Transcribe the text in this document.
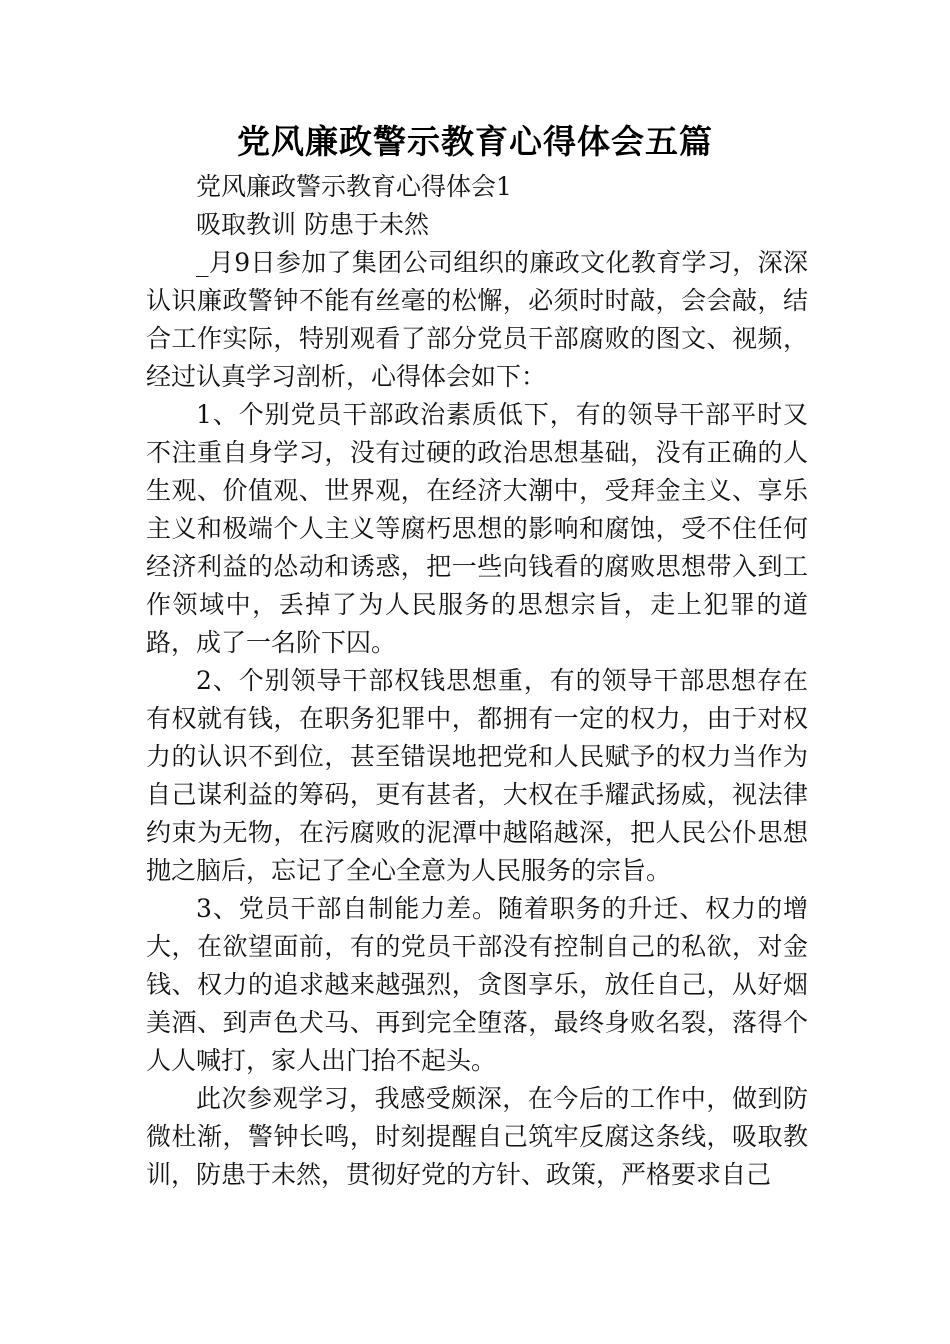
党风廉政警示教育心得体会五篇

党风廉政警示教育心得体会1

吸取教训 防患于未然

_月9日参加了集团公司组织的廉政文化教育学习，深深认识廉政警钟不能有丝毫的松懈，必须时时敲，会会敲，结合工作实际，特别观看了部分党员干部腐败的图文、视频，经过认真学习剖析，心得体会如下：

1、个别党员干部政治素质低下，有的领导干部平时又不注重自身学习，没有过硬的政治思想基础，没有正确的人生观、价值观、世界观，在经济大潮中，受拜金主义、享乐主义和极端个人主义等腐朽思想的影响和腐蚀，受不住任何经济利益的怂动和诱惑，把一些向钱看的腐败思想带入到工作领域中，丢掉了为人民服务的思想宗旨，走上犯罪的道路，成了一名阶下囚。

2、个别领导干部权钱思想重，有的领导干部思想存在有权就有钱，在职务犯罪中，都拥有一定的权力，由于对权力的认识不到位，甚至错误地把党和人民赋予的权力当作为自己谋利益的筹码，更有甚者，大权在手耀武扬威，视法律约束为无物，在污腐败的泥潭中越陷越深，把人民公仆思想抛之脑后，忘记了全心全意为人民服务的宗旨。

3、党员干部自制能力差。随着职务的升迁、权力的增大，在欲望面前，有的党员干部没有控制自己的私欲，对金钱、权力的追求越来越强烈，贪图享乐，放任自己，从好烟美酒、到声色犬马、再到完全堕落，最终身败名裂，落得个人人喊打，家人出门抬不起头。

此次参观学习，我感受颇深，在今后的工作中，做到防微杜渐，警钟长鸣，时刻提醒自己筑牢反腐这条线，吸取教训，防患于未然，贯彻好党的方针、政策，严格要求自己
